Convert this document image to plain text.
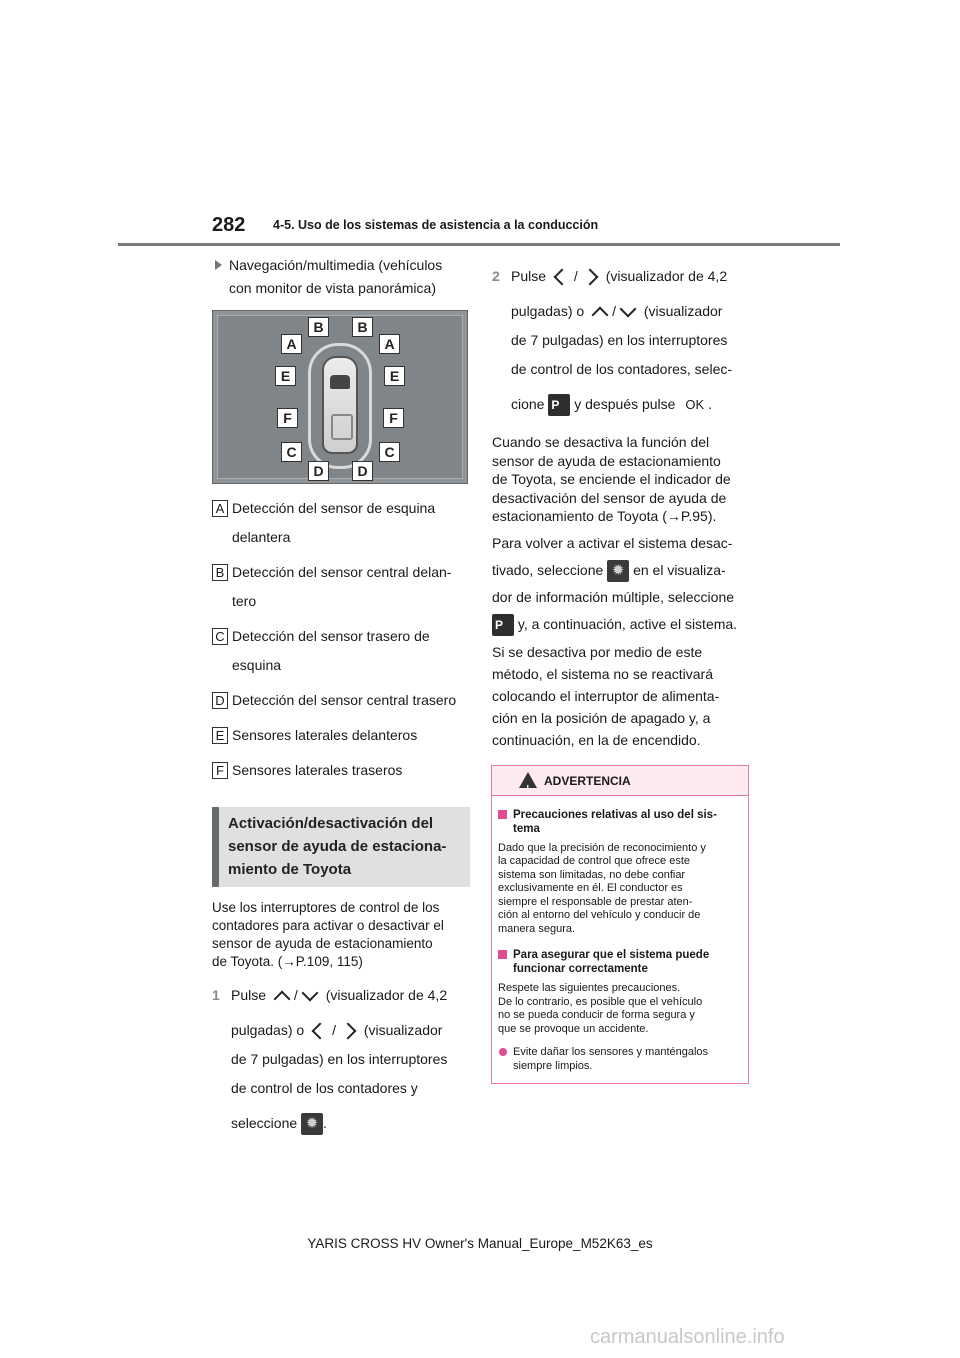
282 4-5. Uso de los sistemas de asistencia a la conducción
Navegación/multimedia (vehículos
con monitor de vista panorámica)
B	B
A	A
E	E
F	F
C	C
D	D
A Detección del sensor de esquina
delantera
B Detección del sensor central delan-
tero
C Detección del sensor trasero de
esquina
D Detección del sensor central trasero
E Sensores laterales delanteros
F Sensores laterales traseros
Activación/desactivación del
sensor de ayuda de estaciona-
miento de Toyota
Use los interruptores de control de los
contadores para activar o desactivar el
sensor de ayuda de estacionamiento
de Toyota. (→P.109, 115)
1 Pulse / (visualizador de 4,2
pulgadas) o / (visualizador
de 7 pulgadas) en los interruptores
de control de los contadores y
seleccione ✹ .
2 Pulse / (visualizador de 4,2
pulgadas) o / (visualizador
de 7 pulgadas) en los interruptores
de control de los contadores, selec-
cione P y después pulse OK .
Cuando se desactiva la función del
sensor de ayuda de estacionamiento
de Toyota, se enciende el indicador de
desactivación del sensor de ayuda de
estacionamiento de Toyota (→P.95).
Para volver a activar el sistema desac-
tivado, seleccione ✹ en el visualiza-
dor de información múltiple, seleccione
P y, a continuación, active el sistema.
Si se desactiva por medio de este
método, el sistema no se reactivará
colocando el interruptor de alimenta-
ción en la posición de apagado y, a
continuación, en la de encendido.
!
ADVERTENCIA
Precauciones relativas al uso del sis-
tema
Dado que la precisión de reconocimiento y
la capacidad de control que ofrece este
sistema son limitadas, no debe confiar
exclusivamente en él. El conductor es
siempre el responsable de prestar aten-
ción al entorno del vehículo y conducir de
manera segura.
Para asegurar que el sistema puede
funcionar correctamente
Respete las siguientes precauciones.
De lo contrario, es posible que el vehículo
no se pueda conducir de forma segura y
que se provoque un accidente.
Evite dañar los sensores y manténgalos
siempre limpios.
YARIS CROSS HV Owner's Manual_Europe_M52K63_es
carmanualsonline.info
